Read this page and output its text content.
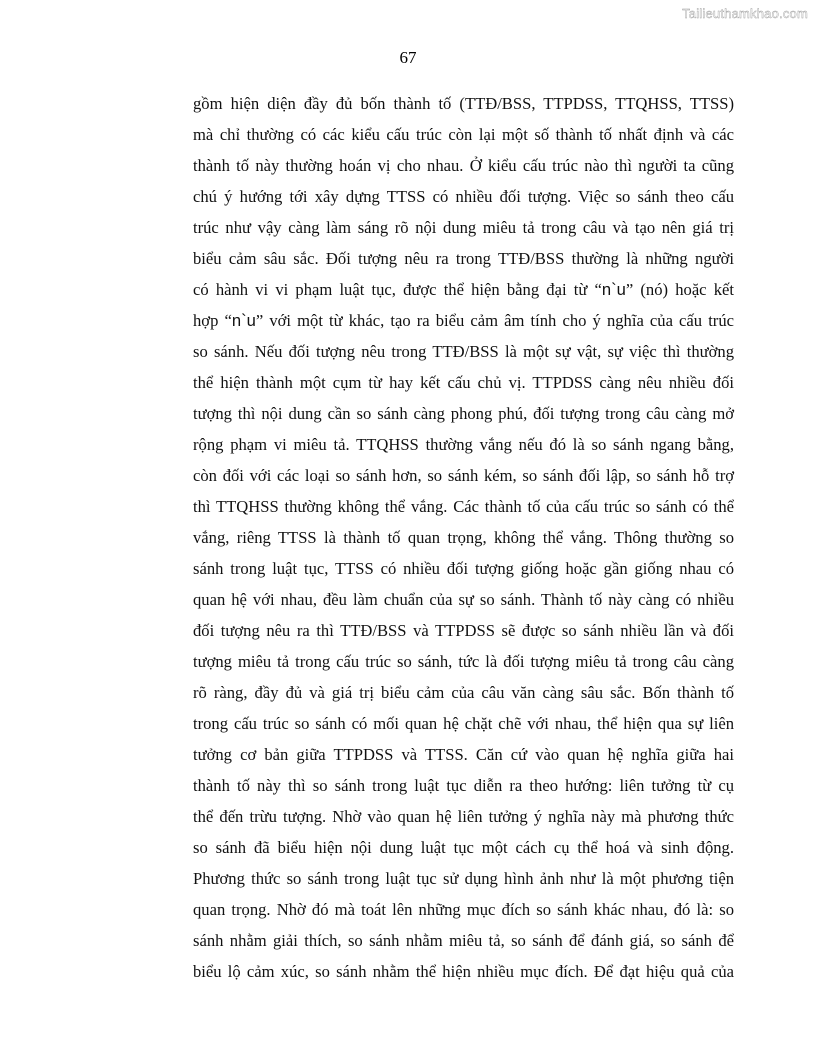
Tailieuthamkhao.com
67
gồm hiện diện đầy đủ bốn thành tố (TTĐ/BSS, TTPDSS, TTQHSS, TTSS)
mà chỉ thường có các kiểu cấu trúc còn lại một số thành tố nhất định và các
thành tố này thường hoán vị cho nhau. Ở kiểu cấu trúc nào thì người ta cũng
chú ý hướng tới xây dựng TTSS có nhiều đối tượng. Việc so sánh theo cấu
trúc như vậy càng làm sáng rõ nội dung miêu tả trong câu và tạo nên giá trị
biểu cảm sâu sắc. Đối tượng nêu ra trong TTĐ/BSS thường là những người
có hành vi vi phạm luật tục, được thể hiện bằng đại từ “n`u” (nó) hoặc kết
hợp “n`u” với một từ khác, tạo ra biểu cảm âm tính cho ý nghĩa của cấu trúc
so sánh. Nếu đối tượng nêu trong TTĐ/BSS là một sự vật, sự việc thì thường
thể hiện thành một cụm từ hay kết cấu chủ vị. TTPDSS càng nêu nhiều đối
tượng thì nội dung cần so sánh càng phong phú, đối tượng trong câu càng mở
rộng phạm vi miêu tả. TTQHSS thường vắng nếu đó là so sánh ngang bằng,
còn đối với các loại so sánh hơn, so sánh kém, so sánh đối lập, so sánh hỗ trợ
thì TTQHSS thường không thể vắng. Các thành tố của cấu trúc so sánh có thể
vắng, riêng TTSS là thành tố quan trọng, không thể vắng. Thông thường so
sánh trong luật tục, TTSS có nhiều đối tượng giống hoặc gần giống nhau có
quan hệ với nhau, đều làm chuẩn của sự so sánh. Thành tố này càng có nhiều
đối tượng nêu ra thì TTĐ/BSS và TTPDSS sẽ được so sánh nhiều lần và đối
tượng miêu tả trong cấu trúc so sánh, tức là đối tượng miêu tả trong câu càng
rõ ràng, đầy đủ và giá trị biểu cảm của câu văn càng sâu sắc. Bốn thành tố
trong cấu trúc so sánh có mối quan hệ chặt chẽ với nhau, thể hiện qua sự liên
tưởng cơ bản giữa TTPDSS và TTSS. Căn cứ vào quan hệ nghĩa giữa hai
thành tố này thì so sánh trong luật tục diễn ra theo hướng: liên tưởng từ cụ
thể đến trừu tượng. Nhờ vào quan hệ liên tưởng ý nghĩa này mà phương thức
so sánh đã biểu hiện nội dung luật tục một cách cụ thể hoá và sinh động.
Phương thức so sánh trong luật tục sử dụng hình ảnh như là một phương tiện
quan trọng. Nhờ đó mà toát lên những mục đích so sánh khác nhau, đó là: so
sánh nhằm giải thích, so sánh nhằm miêu tả, so sánh để đánh giá, so sánh để
biểu lộ cảm xúc, so sánh nhằm thể hiện nhiều mục đích. Để đạt hiệu quả của
